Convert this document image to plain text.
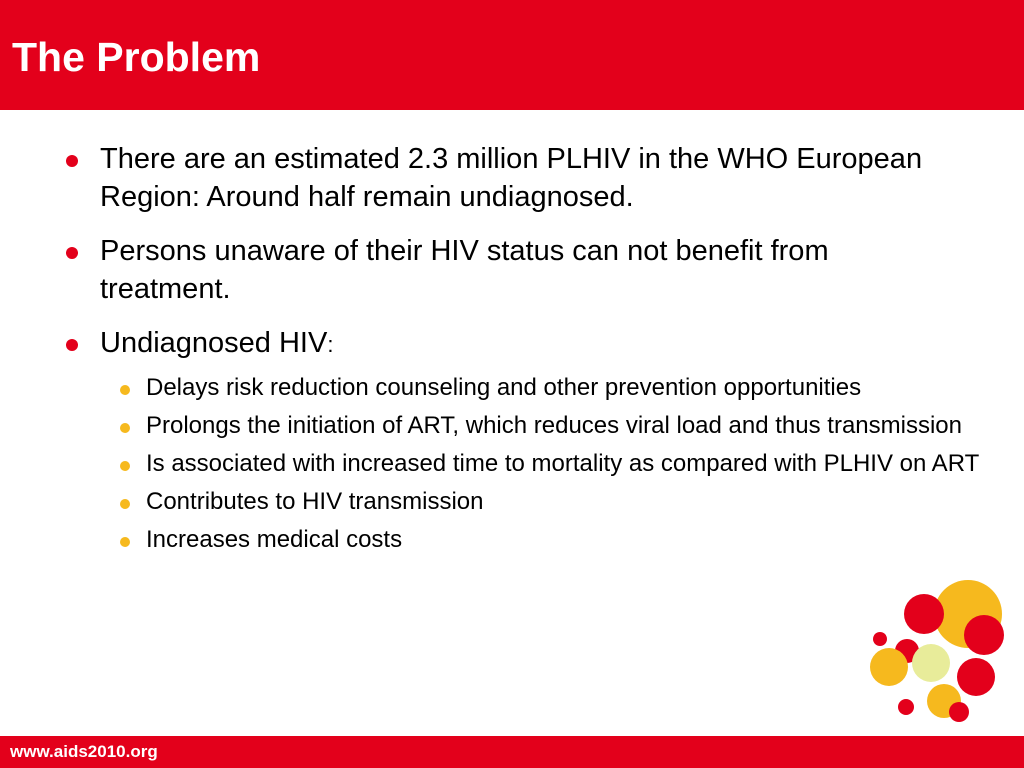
The Problem
There are an estimated 2.3 million PLHIV in the WHO European Region: Around half remain undiagnosed.
Persons unaware of their HIV status can not benefit from treatment.
Undiagnosed HIV:
Delays risk reduction counseling and other prevention opportunities
Prolongs the initiation of ART, which reduces viral load and thus transmission
Is associated with increased time to mortality as compared with PLHIV on ART
Contributes to HIV transmission
Increases medical costs
www.aids2010.org
